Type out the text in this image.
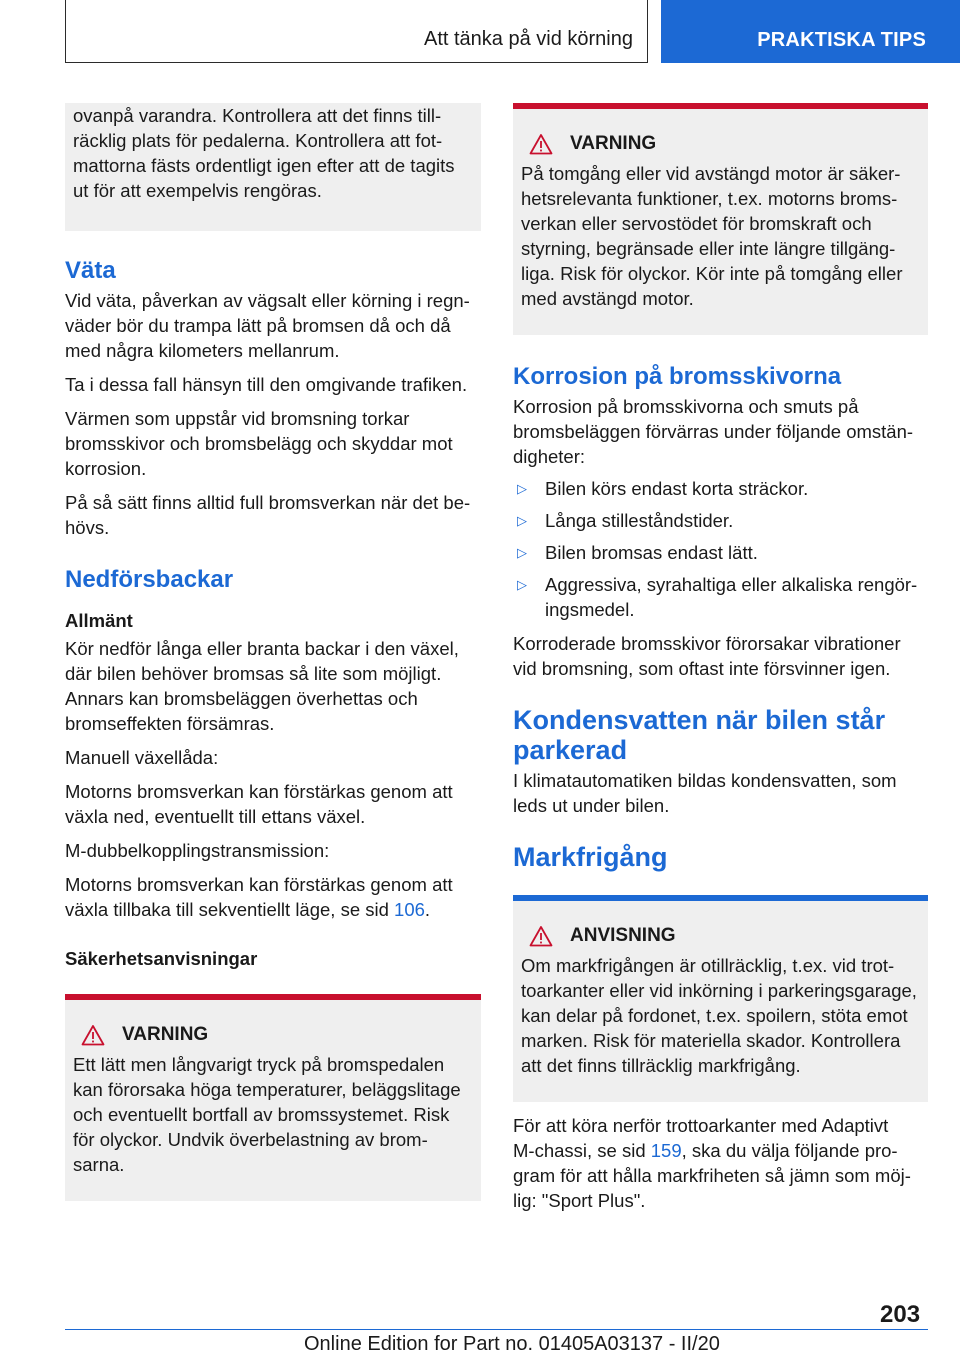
Att tänka på vid körning	PRAKTISKA TIPS

ovanpå varandra. Kontrollera att det finns till-
räcklig plats för pedalerna. Kontrollera att fot-
mattorna fästs ordentligt igen efter att de tagits
ut för att exempelvis rengöras.

Väta

Vid väta, påverkan av vägsalt eller körning i regn-
väder bör du trampa lätt på bromsen då och då
med några kilometers mellanrum.

Ta i dessa fall hänsyn till den omgivande trafiken.

Värmen som uppstår vid bromsning torkar
bromsskivor och bromsbelägg och skyddar mot
korrosion.

På så sätt finns alltid full bromsverkan när det be-
hövs.

Nedförsbackar
Allmänt

Kör nedför långa eller branta backar i den växel,
där bilen behöver bromsas så lite som möjligt.
Annars kan bromsbeläggen överhettas och
bromseffekten försämras.

Manuell växellåda:

Motorns bromsverkan kan förstärkas genom att
växla ned, eventuellt till ettans växel.

M-dubbelkopplingstransmission:

Motorns bromsverkan kan förstärkas genom att
växla tillbaka till sekventiellt läge, se sid 106.

Säkerhetsanvisningar
VARNING

Ett lätt men långvarigt tryck på bromspedalen
kan förorsaka höga temperaturer, beläggslitage
och eventuellt bortfall av bromssystemet. Risk
för olyckor. Undvik överbelastning av brom-
sarna.

VARNING

På tomgång eller vid avstängd motor är säker-
hetsrelevanta funktioner, t.ex. motorns broms-
verkan eller servostödet för bromskraft och
styrning, begränsade eller inte längre tillgäng-
liga. Risk för olyckor. Kör inte på tomgång eller
med avstängd motor.

Korrosion på bromsskivorna

Korrosion på bromsskivorna och smuts på
bromsbeläggen förvärras under följande omstän-
digheter:

▷ Bilen körs endast korta sträckor.
▷ Långa stilleståndstider.
▷ Bilen bromsas endast lätt.
▷ Aggressiva, syrahaltiga eller alkaliska rengör-
ingsmedel.

Korroderade bromsskivor förorsakar vibrationer
vid bromsning, som oftast inte försvinner igen.

Kondensvatten när bilen står
parkerad

I klimatautomatiken bildas kondensvatten, som
leds ut under bilen.

Markfrigång
ANVISNING

Om markfrigången är otillräcklig, t.ex. vid trot-
toarkanter eller vid inkörning i parkeringsgarage,
kan delar på fordonet, t.ex. spoilern, stöta emot
marken. Risk för materiella skador. Kontrollera
att det finns tillräcklig markfrigång.

För att köra nerför trottoarkanter med Adaptivt
M-chassi, se sid 159, ska du välja följande pro-
gram för att hålla markfriheten så jämn som möj-
lig: "Sport Plus".

203
Online Edition for Part no. 01405A03137 - II/20
